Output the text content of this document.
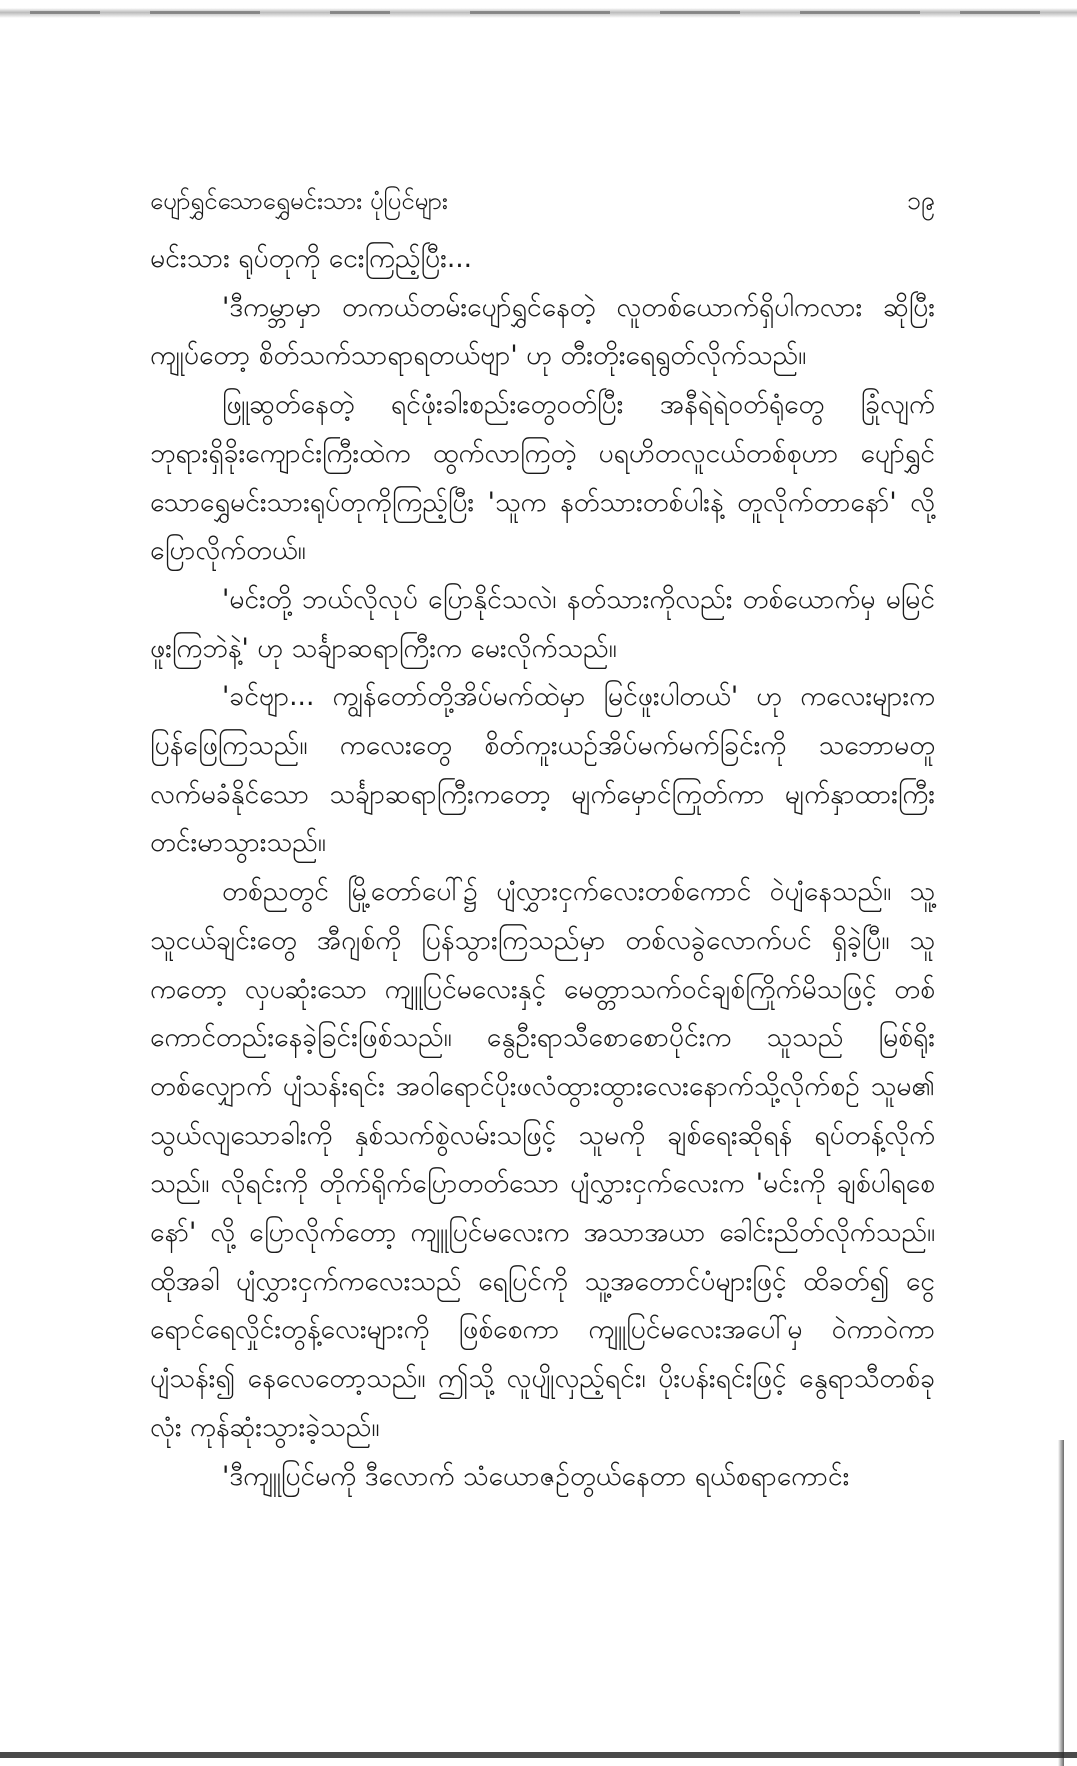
ပျော်ရွှင်သောရွှေမင်းသား ပုံပြင်များ	၁၉

မင်းသား ရုပ်တုကို ငေးကြည့်ပြီး...

'ဒီကမ္ဘာမှာ တကယ်တမ်းပျော်ရွှင်နေတဲ့ လူတစ်ယောက်ရှိပါကလား ဆိုပြီး ကျုပ်တော့ စိတ်သက်သာရာရတယ်ဗျာ' ဟု တီးတိုးရေရွတ်လိုက်သည်။

ဖြူဆွတ်နေတဲ့ ရင်ဖုံးခါးစည်းတွေဝတ်ပြီး အနီရဲရဲဝတ်ရုံတွေ ခြုံလျက် ဘုရားရှိခိုးကျောင်းကြီးထဲက ထွက်လာကြတဲ့ ပရဟိတလူငယ်တစ်စုဟာ ပျော်ရွှင်သောရွှေမင်းသားရုပ်တုကိုကြည့်ပြီး 'သူက နတ်သားတစ်ပါးနဲ့ တူလိုက်တာနော်' လို့ ပြောလိုက်တယ်။

'မင်းတို့ ဘယ်လိုလုပ် ပြောနိုင်သလဲ၊ နတ်သားကိုလည်း တစ်ယောက်မှ မမြင်ဖူးကြဘဲနဲ့' ဟု သင်္ချာဆရာကြီးက မေးလိုက်သည်။

'ခင်ဗျာ... ကျွန်တော်တို့အိပ်မက်ထဲမှာ မြင်ဖူးပါတယ်' ဟု ကလေးများက ပြန်ဖြေကြသည်။ ကလေးတွေ စိတ်ကူးယဉ်အိပ်မက်မက်ခြင်းကို သဘောမတူ လက်မခံနိုင်သော သင်္ချာဆရာကြီးကတော့ မျက်မှောင်ကြုတ်ကာ မျက်နှာထားကြီး တင်းမာသွားသည်။

တစ်ညတွင် မြို့တော်ပေါ်၌ ပျံလွှားငှက်လေးတစ်ကောင် ဝဲပျံနေသည်။ သူ့သူငယ်ချင်းတွေ အီဂျစ်ကို ပြန်သွားကြသည်မှာ တစ်လခွဲလောက်ပင် ရှိခဲ့ပြီ။ သူကတော့ လှပဆုံးသော ကျူပြင်မလေးနှင့် မေတ္တာသက်ဝင်ချစ်ကြိုက်မိသဖြင့် တစ်ကောင်တည်းနေခဲ့ခြင်းဖြစ်သည်။ နွေဦးရာသီစောစောပိုင်းက သူသည် မြစ်ရိုးတစ်လျှောက် ပျံသန်းရင်း အဝါရောင်ပိုးဖလံထွားထွားလေးနောက်သို့လိုက်စဉ် သူမ၏ သွယ်လျသောခါးကို နှစ်သက်စွဲလမ်းသဖြင့် သူမကို ချစ်ရေးဆိုရန် ရပ်တန့်လိုက်သည်။ လိုရင်းကို တိုက်ရိုက်ပြောတတ်သော ပျံလွှားငှက်လေးက 'မင်းကို ချစ်ပါရစေနော်' လို့ ပြောလိုက်တော့ ကျူပြင်မလေးက အသာအယာ ခေါင်းညိတ်လိုက်သည်။ ထိုအခါ ပျံလွှားငှက်ကလေးသည် ရေပြင်ကို သူ့အတောင်ပံများဖြင့် ထိခတ်၍ ငွေရောင်ရေလှိုင်းတွန့်လေးများကို ဖြစ်စေကာ ကျူပြင်မလေးအပေါ်မှ ဝဲကာဝဲကာ ပျံသန်း၍ နေလေတော့သည်။ ဤသို့ လူပျိုလှည့်ရင်း၊ ပိုးပန်းရင်းဖြင့် နွေရာသီတစ်ခုလုံး ကုန်ဆုံးသွားခဲ့သည်။

'ဒီကျူပြင်မကို ဒီလောက် သံယောဇဉ်တွယ်နေတာ ရယ်စရာကောင်း
